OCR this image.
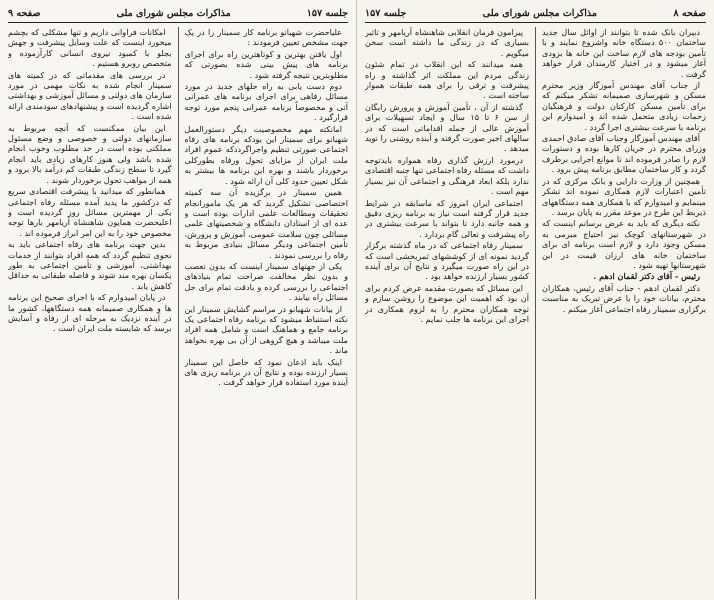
جلسه ۱۵۷
مذاکرات مجلس شورای ملی
صفحه ۹

علیاحضرت شهبانو برنامه کار سمینار را در یک جهت مشخص تعیین فرمودند :

اول یافتن بهترین و کوتاهترین راه برای اجرای برنامه های پیش بینی شده بصورتی که مطلوبترین نتیجه گرفته شود .

دوم دست یابی به راه حلهای جدید در مورد مسائل رفاهی برای اجرای برنامه های عمرانی آتی و مخصوصاً برنامه عمرانی پنجم مورد توجه قرارگیرد .

امانکته مهم مخصوصیت دیگر دستورالعمل شهبانو برای سمینار این بودکه برنامه های رفاه اجتماعی صورتی تنظیم واجراگرددکه عموم افراد ملت ایران از مزایای تحول ورفاه بطورکلی برخوردار باشند و بهره این برنامه ها بیشتر به شکل تعیین حدود کلی آن ارائه شود .

همین سمینار در برگزیده آن سه کمیته اختصاصی تشکیل گردید که هر یک مامورانجام تحقیقات ومطالعات علمی ادارات بوده است و عده ای از استادان دانشگاه و شخصیتهای علمی مسائلی چون سلامت عمومی، آموزش و پرورش، تأمین اجتماعی ودیگر مسائل بنیادی مربوط به رفاه را بررسی نمودند .

یکی از جهتهای سمینار اینست که بدون تعصب و بدون نظر مخالفت صراحت تمام بنیادهای اجتماعی را بررسی کرده و بادقت تمام برای حل مسائل راه بیابند .

از بیانات شهبانو در مراسم گشایش سمینار این نکته استنباط میشود که برنامه رفاه اجتماعی یک برنامه جامع و هماهنگ است و شامل همه افراد ملت میباشد و هیچ گروهی از آن بی بهره نخواهد ماند .

اینک باید اذعان نمود که حاصل این سمینار بسیار ارزنده بوده و نتایج آن در برنامه ریزی های آینده مورد استفاده قرار خواهد گرفت .

امکانات فراوانی داریم و تنها مشکلی که بچشم میخورد اینست که علت وسایل پیشرفت و جهش بجلو با کمبود نیروی انسانی کارآزموده و متخصص روبرو هستیم .

در بررسی های مقدماتی که در کمیته های سمینار انجام شده به نکات مهمی در مورد سازمان های دولتی و مسائل آموزشی و بهداشتی اشاره گردیده است و پیشنهادهای سودمندی ارائه شده است .

این بیان ممکنست که آنچه مربوط به سازمانهای دولتی و خصوصی و وضع مسئول مملکتی بوده است در حد مطلوب وخوب انجام شده باشد ولی هنوز کارهای زیادی باید انجام گیرد تا سطح زندگی طبقات کم درآمد بالا برود و همه از مواهب تحول برخوردار شوند .

همانطور که میدانید با پیشرفت اقتصادی سریع که درکشور ما پدید آمده مسئله رفاه اجتماعی یکی از مهمترین مسائل روز گردیده است و اعلیحضرت همایون شاهنشاه آریامهر بارها توجه مخصوص خود را به این امر ابراز فرموده اند .

بدین جهت برنامه های رفاه اجتماعی باید به نحوی تنظیم گردد که همه افراد بتوانند از خدمات بهداشتی، آموزشی و تأمین اجتماعی به طور یکسان بهره مند شوند و فاصله طبقاتی به حداقل کاهش یابد .

در پایان امیدوارم که با اجرای صحیح این برنامه ها و همکاری صمیمانه همه دستگاهها، کشور ما در آینده نزدیک به مرحله ای از رفاه و آسایش برسد که شایسته ملت ایران است .

صفحه ۸
مذاکرات مجلس شورای ملی
جلسه ۱۵۷

دبیران بانک شده تا بتوانند از اوائل سال جدید ساختمان ۵۰۰ دستگاه خانه واشروع نمایند و با تأمین بودجه های لازم ساخت این خانه ها بزودی آغاز میشود و در اختیار کارمندان قرار خواهد گرفت .

از جناب آقای مهندس آموزگار وزیر محترم مسکن و شهرسازی صمیمانه تشکر میکنم که برای تأمین مسکن کارکنان دولت و فرهنگیان زحمات زیادی متحمل شده اند و امیدوارم این برنامه با سرعت بیشتری اجرا گردد .

آقای مهندس آموزگار وجناب آقای صادق احمدی وزرای محترم در جریان کارها بوده و دستورات لازم را صادر فرموده اند تا موانع اجرایی برطرف گردد و کار ساختمان مطابق برنامه پیش برود .

همچنین از وزارت دارایی و بانک مرکزی که در تأمین اعتبارات لازم همکاری نموده اند تشکر مینمایم و امیدوارم که با همکاری همه دستگاههای ذیربط این طرح در موعد مقرر به پایان برسد .

نکته دیگری که باید به عرض برسانم اینست که در شهرستانهای کوچک نیز احتیاج مبرمی به مسکن وجود دارد و لازم است برنامه ای برای ساختمان خانه های ارزان قیمت در این شهرستانها تهیه شود .

رئیس - آقای دکتر لقمان ادهم .

دکتر لقمان ادهم - جناب آقای رئیس، همکاران محترم، بیانات خود را با عرض تبریک به مناسبت برگزاری سمینار رفاه اجتماعی آغاز میکنم .

پیرامون فرمان انقلابی شاهنشاه آریامهر و تاثیر بسیاری که در زندگی ما داشته است سخن میگویم .

همه میدانند که این انقلاب در تمام شئون زندگی مردم این مملکت اثر گذاشته و راه پیشرفت و ترقی را برای همه طبقات هموار ساخته است .

گذشته از آن ، تأمین آموزش و پرورش رایگان از سن ۶ تا ۱۵ سال و ایجاد تسهیلات برای آموزش عالی از جمله اقداماتی است که در سالهای اخیر صورت گرفته و آینده روشنی را نوید میدهد .

درمورد ارزش گذاری رفاه همواره بایدتوجه داشت که مسئله رفاه اجتماعی تنها جنبه اقتصادی ندارد بلکه ابعاد فرهنگی و اجتماعی آن نیز بسیار مهم است .

اجتماعی ایران امروز که ماسابقه در شرایط جدید قرار گرفته است نیاز به برنامه ریزی دقیق و همه جانبه دارد تا بتواند با سرعت بیشتری در راه پیشرفت و تعالی گام بردارد .

سمینار رفاه اجتماعی که در ماه گذشته برگزار گردید نمونه ای از کوششهای ثمربخشی است که در این راه صورت میگیرد و نتایج آن برای آینده کشور بسیار ارزنده خواهد بود .

این مسائل که بصورت مقدمه عرض کردم برای آن بود که اهمیت این موضوع را روشن سازم و توجه همکاران محترم را به لزوم همکاری در اجرای این برنامه ها جلب نمایم .
